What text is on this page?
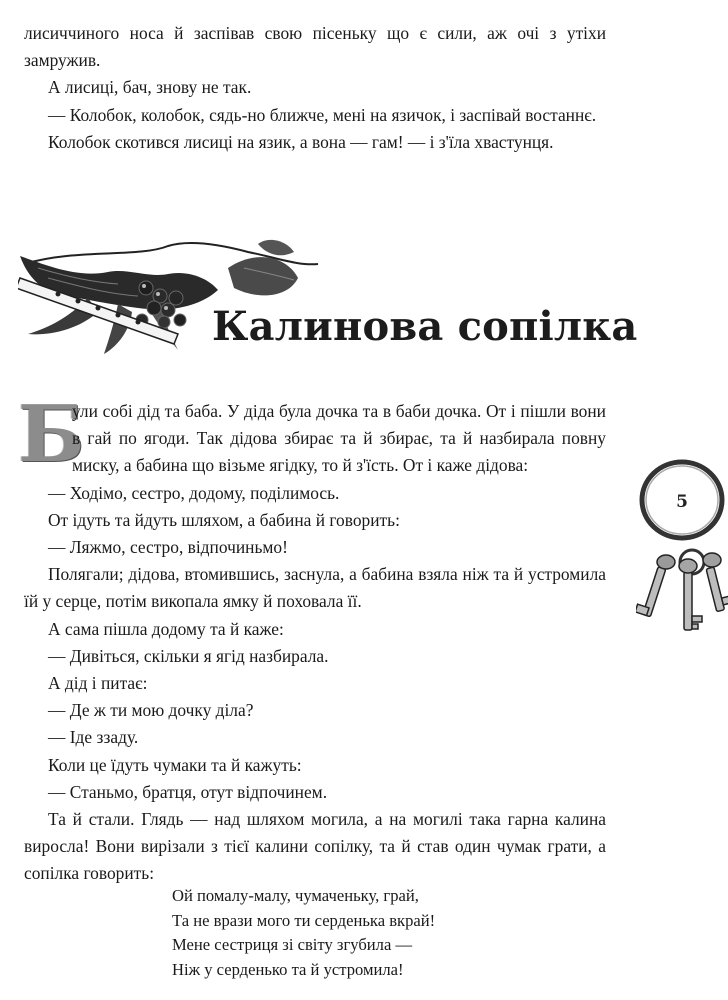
лисиччиного носа й заспівав свою пісеньку що є сили, аж очі з утіхи замружив.

А лисиці, бач, знову не так.

— Колобок, колобок, сядь-но ближче, мені на язичок, і заспівай востаннє.

Колобок скотився лисиці на язик, а вона — гам! — і з'їла хвастунця.

Калинова сопілка

Б
ули собі дід та баба. У діда була дочка та в баби дочка. От і пішли вони в гай по ягоди. Так дідова збирає та й збирає, та й назбирала повну миску, а бабина що візьме ягідку, то й з'їсть. От і каже дідова:

— Ходімо, сестро, додому, поділимось.

От ідуть та йдуть шляхом, а бабина й говорить:

— Ляжмо, сестро, відпочиньмо!

Полягали; дідова, втомившись, заснула, а бабина взяла ніж та й устромила їй у серце, потім викопала ямку й поховала її.

А сама пішла додому та й каже:

— Дивіться, скільки я ягід назбирала.

А дід і питає:

— Де ж ти мою дочку діла?

— Іде ззаду.

Коли це їдуть чумаки та й кажуть:

— Станьмо, братця, отут відпочинем.

Та й стали. Глядь — над шляхом могила, а на могилі така гарна калина виросла! Вони вирізали з тієї калини сопілку, та й став один чумак грати, а сопілка говорить:

Ой помалу-малу, чумаченьку, грай,
Та не врази мого ти серденька вкрай!
Мене сестриця зі світу згубила —
Ніж у серденько та й устромила!
5
